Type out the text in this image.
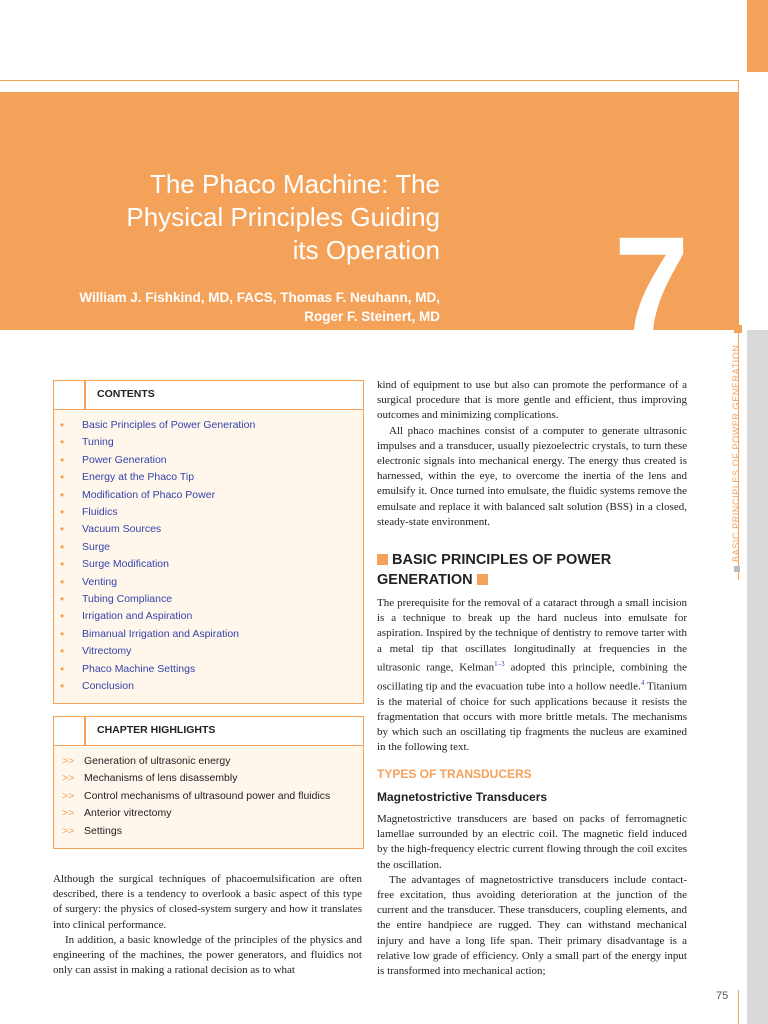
The Phaco Machine: The
Physical Principles Guiding
its Operation

William J. Fishkind, MD, FACS, Thomas F. Neuhann, MD,
Roger F. Steinert, MD 7
BASIC PRINCIPLES OF POWER GENERATION
CONTENTS
• Basic Principles of Power Generation
• Tuning
• Power Generation
• Energy at the Phaco Tip
• Modification of Phaco Power
• Fluidics
• Vacuum Sources
• Surge
• Surge Modification
• Venting
• Tubing Compliance
• Irrigation and Aspiration
• Bimanual Irrigation and Aspiration
• Vitrectomy
• Phaco Machine Settings
• Conclusion
CHAPTER HIGHLIGHTS
>> Generation of ultrasonic energy
>> Mechanisms of lens disassembly
>> Control mechanisms of ultrasound power and fluidics
>> Anterior vitrectomy
>> Settings

Although the surgical techniques of phacoemulsification are often described, there is a tendency to overlook a basic aspect of this type of surgery: the physics of closed-system surgery and how it translates into clinical performance.

In addition, a basic knowledge of the principles of the physics and engineering of the machines, the power generators, and fluidics not only can assist in making a rational decision as to what

kind of equipment to use but also can promote the performance of a surgical procedure that is more gentle and efficient, thus improving outcomes and minimizing complications.

All phaco machines consist of a computer to generate ultrasonic impulses and a transducer, usually piezoelectric crystals, to turn these electronic signals into mechanical energy. The energy thus created is harnessed, within the eye, to overcome the inertia of the lens and emulsify it. Once turned into emulsate, the fluidic systems remove the emulsate and replace it with balanced salt solution (BSS) in a closed, steady-state environment.

BASIC PRINCIPLES OF POWER GENERATION

The prerequisite for the removal of a cataract through a small incision is a technique to break up the hard nucleus into emulsate for aspiration. Inspired by the technique of dentistry to remove tarter with a metal tip that oscillates longitudinally at frequencies in the ultrasonic range, Kelman$^{1-3}$ adopted this principle, combining the oscillating tip and the evacuation tube into a hollow needle.$^4$ Titanium is the material of choice for such applications because it resists the fragmentation that occurs with more brittle metals. The mechanisms by which such an oscillating tip fragments the nucleus are examined in the following text.

TYPES OF TRANSDUCERS
Magnetostrictive Transducers

Magnetostrictive transducers are based on packs of ferromagnetic lamellae surrounded by an electric coil. The magnetic field induced by the high-frequency electric current flowing through the coil excites the oscillation.

The advantages of magnetostrictive transducers include contact-free excitation, thus avoiding deterioration at the junction of the current and the transducer. These transducers, coupling elements, and the entire handpiece are rugged. They can withstand mechanical injury and have a long life span. Their primary disadvantage is a relative low grade of efficiency. Only a small part of the energy input is transformed into mechanical action;

75
